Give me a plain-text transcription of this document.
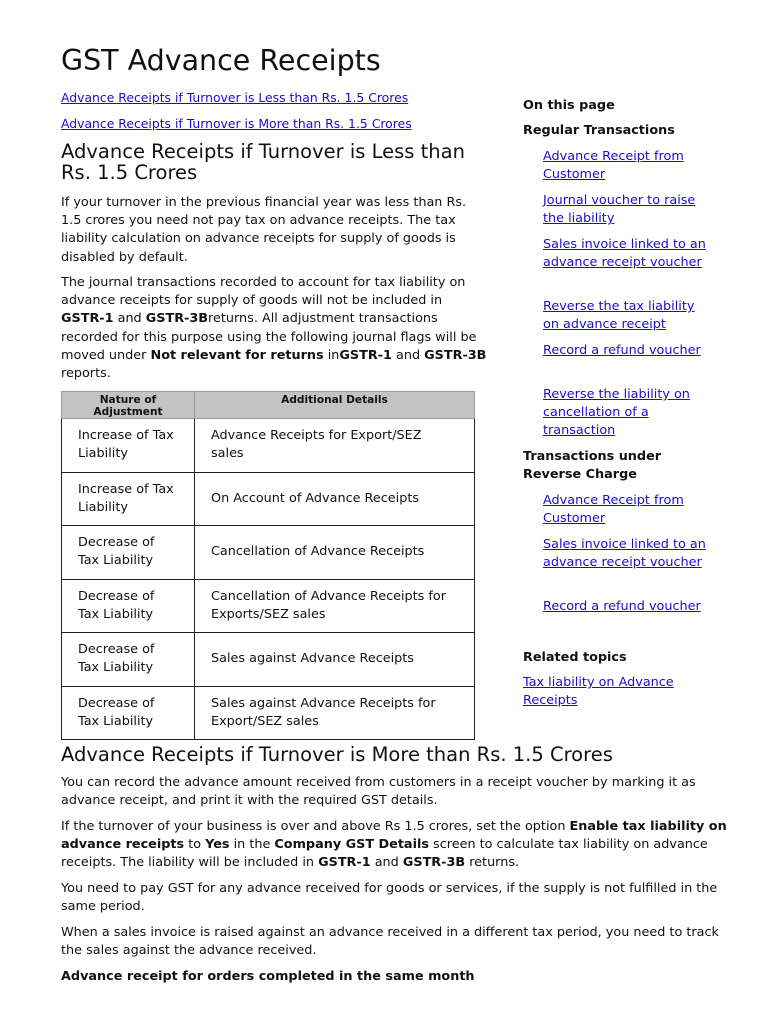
GST Advance Receipts
Advance Receipts if Turnover is Less than Rs. 1.5 Crores
Advance Receipts if Turnover is More than Rs. 1.5 Crores
Advance Receipts if Turnover is Less than Rs. 1.5 Crores

If your turnover in the previous financial year was less than Rs. 1.5 crores you need not pay tax on advance receipts. The tax liability calculation on advance receipts for supply of goods is disabled by default.

The journal transactions recorded to account for tax liability on advance receipts for supply of goods will not be included in GSTR-1 and GSTR-3Breturns. All adjustment transactions recorded for this purpose using the following journal flags will be moved under Not relevant for returns inGSTR-1 and GSTR-3B reports.

Nature of Adjustment	Additional Details
Increase of Tax Liability	Advance Receipts for Export/SEZ sales
Increase of Tax Liability	On Account of Advance Receipts
Decrease of Tax Liability	Cancellation of Advance Receipts
Decrease of Tax Liability	Cancellation of Advance Receipts for Exports/SEZ sales
Decrease of Tax Liability	Sales against Advance Receipts
Decrease of Tax Liability	Sales against Advance Receipts for Export/SEZ sales
Advance Receipts if Turnover is More than Rs. 1.5 Crores

You can record the advance amount received from customers in a receipt voucher by marking it as advance receipt, and print it with the required GST details.

If the turnover of your business is over and above Rs 1.5 crores, set the option Enable tax liability on advance receipts to Yes in the Company GST Details screen to calculate tax liability on advance receipts. The liability will be included in GSTR-1 and GSTR-3B returns.

You need to pay GST for any advance received for goods or services, if the supply is not fulfilled in the same period.

When a sales invoice is raised against an advance received in a different tax period, you need to track the sales against the advance received.

Advance receipt for orders completed in the same month

On this page

Regular Transactions

Advance Receipt from Customer
Journal voucher to raise the liability
Sales invoice linked to an advance receipt voucher
Reverse the tax liability on advance receipt
Record a refund voucher
Reverse the liability on cancellation of a transaction

Transactions under Reverse Charge

Advance Receipt from Customer
Sales invoice linked to an advance receipt voucher
Record a refund voucher

Related topics

Tax liability on Advance Receipts
